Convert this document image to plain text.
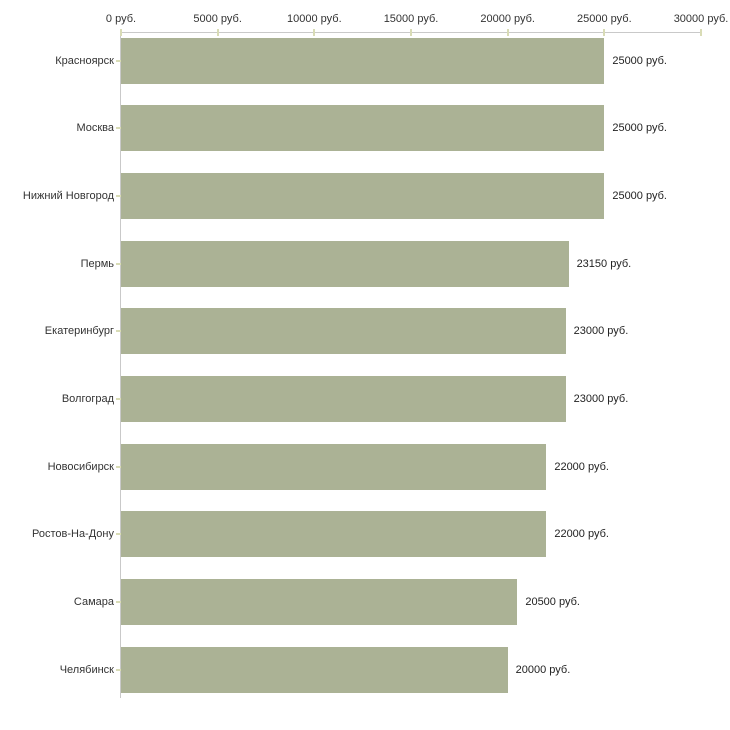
0 руб.	5000 руб.	10000 руб.	15000 руб.	20000 руб.	25000 руб.	30000 руб.
Красноярск	25000 руб.
Москва	25000 руб.
Нижний Новгород	25000 руб.
Пермь	23150 руб.
Екатеринбург	23000 руб.
Волгоград	23000 руб.
Новосибирск	22000 руб.
Ростов-На-Дону	22000 руб.
Самара	20500 руб.
Челябинск	20000 руб.
